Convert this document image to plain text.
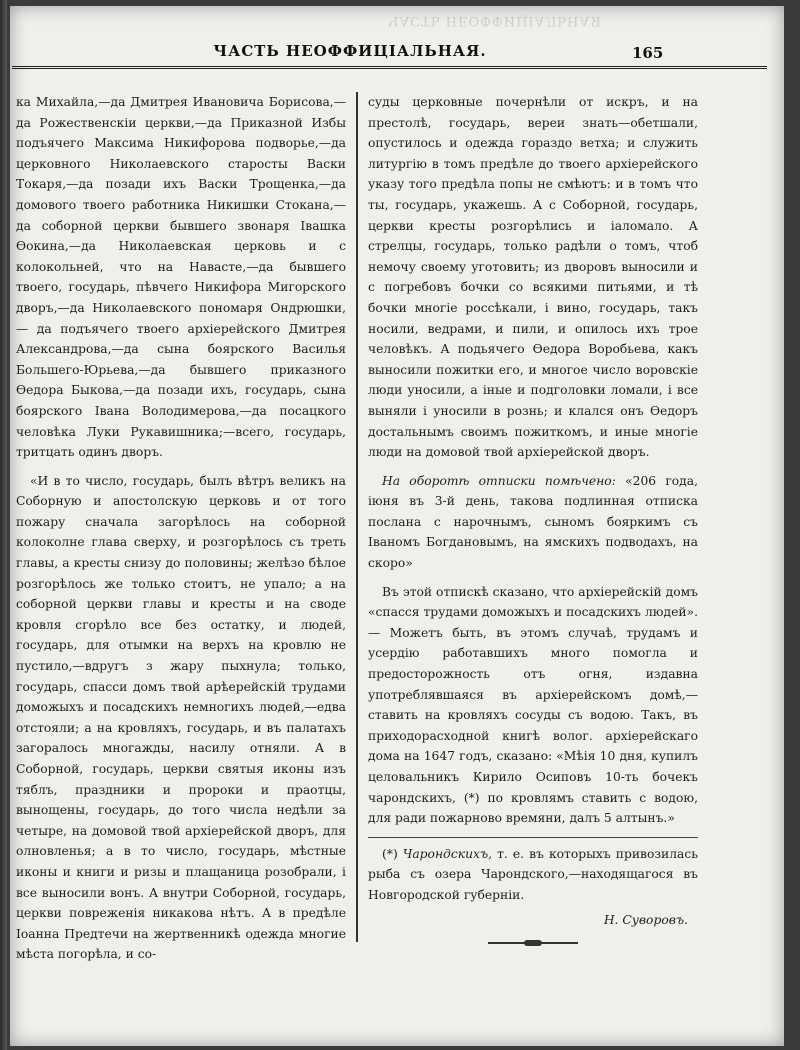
ЧАСТЬ НЕОФФИЦІАЛЬНАЯ
ЧАСТЬ НЕОФФИЦІАЛЬНАЯ.	165

ка Михайла,—да Дмитрея Ивановича Борисова,—да Рожественскіи церкви,—да Приказной Избы подъячего Максима Никифорова подворье,—да церковного Николаевского старосты Васки Токаря,—да позади ихъ Васки Трощенка,—да домового твоего работника Никишки Стокана,—да соборной церкви бывшего звонаря Івашка Өокина,—да Николаевская церковь и с колокольней, что на Навасте,—да бывшего твоего, государь, пѣвчего Никифора Мигорского дворъ,—да Николаевского пономаря Ондрюшки,— да подъячего твоего архіерейского Дмитрея Александрова,—да сына боярского Василья Большего-Юрьева,—да бывшего приказного Өедора Быкова,—да позади ихъ, государь, сына боярского Івана Володимерова,—да посацкого человѣка Луки Рукавишника;—всего, государь, тритцать одинъ дворъ.

«И в то число, государь, былъ вѣтръ великъ на Соборную и апостолскую церковь и от того пожару сначала загорѣлось на соборной колоколне глава сверху, и розгорѣлось съ треть главы, а кресты снизу до половины; желѣзо бѣлое розгорѣлось же только стоитъ, не упало; а на соборной церкви главы и кресты и на своде кровля сгорѣло все без остатку, и людей, государь, для отымки на верхъ на кровлю не пустило,—вдругъ з жару пыхнула; только, государь, спасси домъ твой арѣерейскій трудами доможыхъ и посадскихъ немногихъ людей,—едва отстояли; а на кровляхъ, государь, и въ палатахъ загоралось многажды, насилу отняли. А в Соборной, государь, церкви святыя иконы изъ тяблъ, праздники и пророки и праотцы, вынощены, государь, до того числа недѣли за четыре, на домовой твой архіерейской дворъ, для олновленья; а в то число, государь, мѣстные иконы и книги и ризы и плащаница розобрали, і все выносили вонъ. А внутри Соборной, государь, церкви повреженія никакова нѣтъ. А в предѣле Іоанна Предтечи на жертвенникѣ одежда многие мѣста погорѣла, и со-

суды церковные почернѣли от искръ, и на престолѣ, государь, вереи знать—обетшали, опустилось и одежда гораздо ветха; и служить литургію в томъ предѣле до твоего архіерейского указу того предѣла попы не смѣютъ: и в томъ что ты, государь, укажешь. А с Соборной, государь, церкви кресты розгорѣлись и іаломало. А стрелцы, государь, только радѣли о томъ, чтоб немочу своему уготовить; из дворовъ выносили и с погребовъ бочки со всякими питьями, и тѣ бочки многіе россѣкали, і вино, государь, такъ носили, ведрами, и пили, и опилось ихъ трое человѣкъ. А подьячего Өедора Воробьева, какъ выносили пожитки его, и многое число воровскіе люди уносили, а іные и подголовки ломали, і все выняли і уносили в рознь; и клался онъ Өедоръ достальнымъ своимъ пожиткомъ, и иные многіе люди на домовой твой архіерейской дворъ.

На оборотѣ отписки помѣчено: «206 года, іюня въ 3-й день, такова подлинная отписка послана с нарочнымъ, сыномъ бояркимъ съ Іваномъ Богдановымъ, на ямскихъ подводахъ, на скоро»

Въ этой отпискѣ сказано, что архіерейскій домъ «спасся трудами доможыхъ и посадскихъ людей».— Можетъ быть, въ этомъ случаѣ, трудамъ и усердію работавшихъ много помогла и предосторожность отъ огня, издавна употреблявшаяся въ архіерейскомъ домѣ,—ставить на кровляхъ сосуды съ водою. Такъ, въ приходорасходной книгѣ волог. архіерейскаго дома на 1647 годъ, сказано: «Мѣія 10 дня, купилъ целовальникъ Кирило Осиповъ 10-ть бочекъ чарондскихъ, (*) по кровлямъ ставить с водою, для ради пожарново времяни, далъ 5 алтынъ.»

(*) Чарондскихъ, т. е. въ которыхъ привозилась рыба съ озера Чарондского,—находящагося въ Новгородской губерніи.

Н. Суворовъ.
